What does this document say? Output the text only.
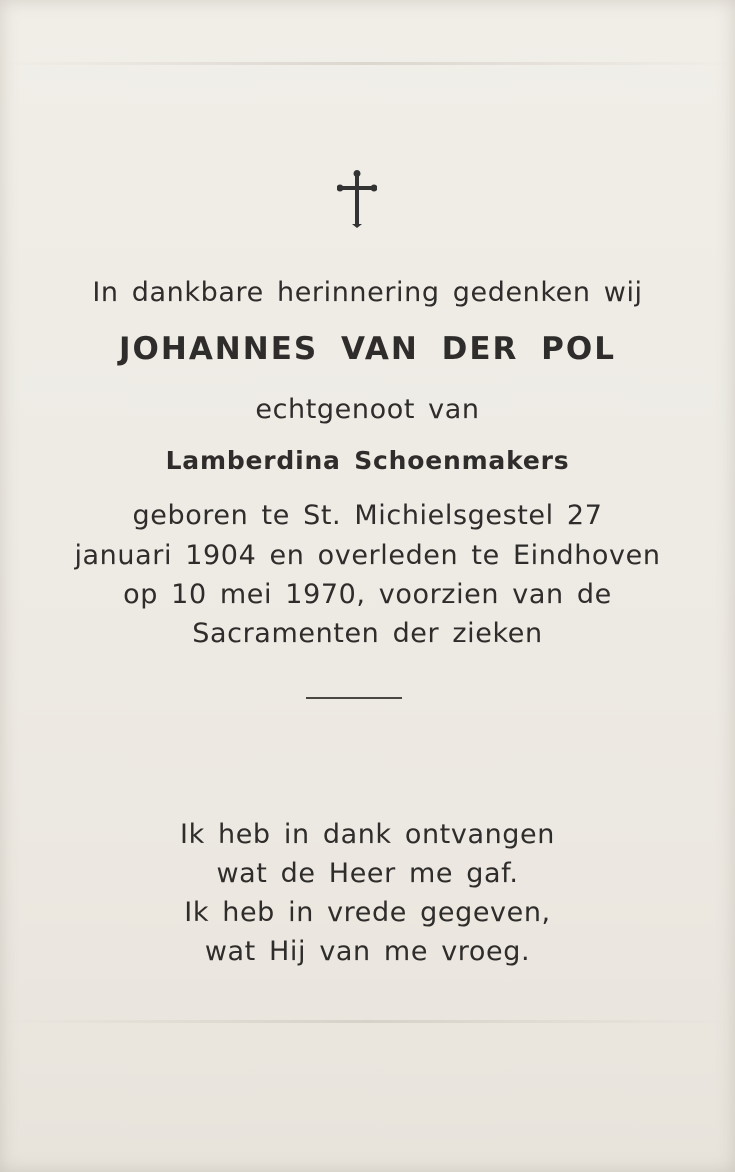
In dankbare herinnering gedenken wij
JOHANNES VAN DER POL
echtgenoot van
Lamberdina Schoenmakers
geboren te St. Michielsgestel 27
januari 1904 en overleden te Eindhoven
op 10 mei 1970, voorzien van de
Sacramenten der zieken
Ik heb in dank ontvangen
wat de Heer me gaf.
Ik heb in vrede gegeven,
wat Hij van me vroeg.
